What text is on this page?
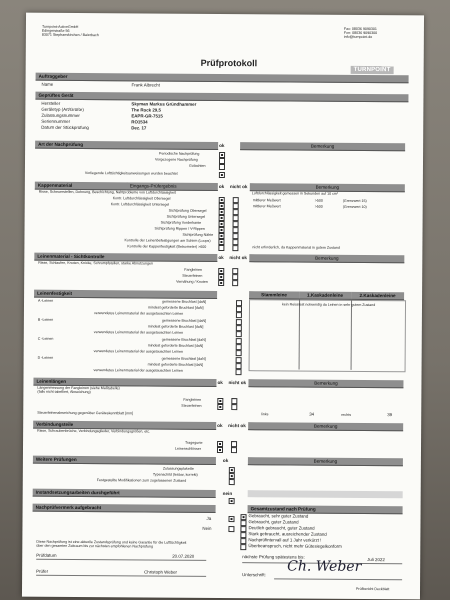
Turnpoint-ActiveGmbH
Edingerstraße 56
83071 Stephanskirchen / Baierbach
Fax: 08036 9090301
Fon: 08036 9090300
info@turnpoint.de
Prüfprotokoll
TURNPOINT
Auftraggeber
Name	Frank Albrecht
Geprüftes Gerät
Hersteller	Skyman Markus Gründhammer
Geräletyp (Art/Größe)	The Rock 29,5
Zulassungsnummer	EAPR-GR-7515
Seriennummer	RO1534
Datum der Stückprüfung	Dez. 17
Art der Nachprüfung	ok	Bemerkung
Periodische Nachprüfung
Vorgezogene Nachprüfung
Gutachten
Vorliegende Lufttüchtigkeitsanweisungen wurden beachtet
Kappenmaterial	Eingangs-Prüfergebnis	ok nicht ok	Bemerkung
Risse, Scheuerstellen, Dehnung, Beschichtung, Nahtprobleme von Luftdurchlässigkeit	Luftdurchlässigkeit gemessen in Sekunden auf 10 cm²
Kontr. Luftdurchlässigkeit Obersegel
Kontr. Luftdurchlässigkeit Untersegel
Sichtprüfung Obersegel
Sichtprüfung Untersegel
Sichtprüfung Vorderkante
Sichtprüfung Rippen / V-Rippen
Sichtprüfung Nähte
Kontrolle der Leinenbefestigungen am Schirm (Loops)
Kontrolle der Kappenfestigkeit (Betsometer) >600
mittlerer Meßwert	>500	(Grenzwert 15)
mittlerer Meßwert	>500	(Grenzwert 10)
nicht erforderlich, da Kappenmaterial in gutem Zustand
Leinenmaterial - Sichtkontrolle	ok nicht ok	Bemerkung
Risse, Schlaufen, Knoten, Knicke, Schrumpfstellen, starke Abnutzungen
Fangleinen
Steuerleinen
Vernähung / Knoten
Leinenfestigkeit	Stammleine	1.Kaskadenleine	2.Kaskadenleine
kein Reisstest notwendig da Leinen in sehr gutem Zustand
A -Leinen	gemessene Bruchlast [daN]
mindest geforderte Bruchlast [daN]
verwendetes Leinenmaterial der ausgetauschten Leinen
B -Leinen	gemessene Bruchlast [daN]
mindest geforderte Bruchlast [daN]
verwendetes Leinenmaterial der ausgetauschten Leinen
C -Leinen	gemessene Bruchlast [daN]
mindest geforderte Bruchlast [daN]
verwendetes Leinenmaterial der ausgetauschten Leinen
D -Leinen	gemessene Bruchlast [daN]
mindest geforderte Bruchlast [daN]
verwendetes Leinenmaterial der ausgetauschten Leinen
Leinenlängen	ok nicht ok	Bemerkung
Längenmessung der Fangleinen (siehe Maßtabelle)
(falls nicht tabelliert, Abweichung)
Fangleinen
Steuerleinen
Steuerleinenabweichung gegenüber Geräteskenntblatt [mm]	links	34	rechts	39
Verbindungsteile	ok nicht ok	Bemerkung
Risse, Schraubenbrüche, Verbindungsglieder, Verbindungsgrößen, etc.
Tragegurte
Leinenschlösser
Weitere Prüfungen	ok	Bemerkung
Zulassungsplakette
Typenschild (lesbar, korrekt)
Festgestellte Modifikationen zum zugelassenen Zustand
Instandsetzungsarbeiten durchgeführt	nein
Nachprüfvermerk aufgebracht
Ja
Nein
Diese Nachprüfung ist eine aktuelle Zustandsprüfung und keine Garantie für die Lufttüchtigkeit
über den gesamten Zeitraum bis zur nächsten empfohlenen Nachprüfung
Gesamtzustand nach Prüfung
Gebraucht, sehr guter Zustand
Gebraucht, guter Zustand
Deutlich gebraucht, guter Zustand
Stark gebraucht, ausreichender Zustand
Nachprüfintervall auf 1 Jahr verkürzt !
Überbeanspruch, nicht mehr Gütesiegelkonform
Prüfdatum	20.07.2020	nächste Prüfung spätestens bis:	Juli 2022
Prüfer	Christoph Weber
Unterschrift: Ch. Weber
Prüfbericht Deckblatt
